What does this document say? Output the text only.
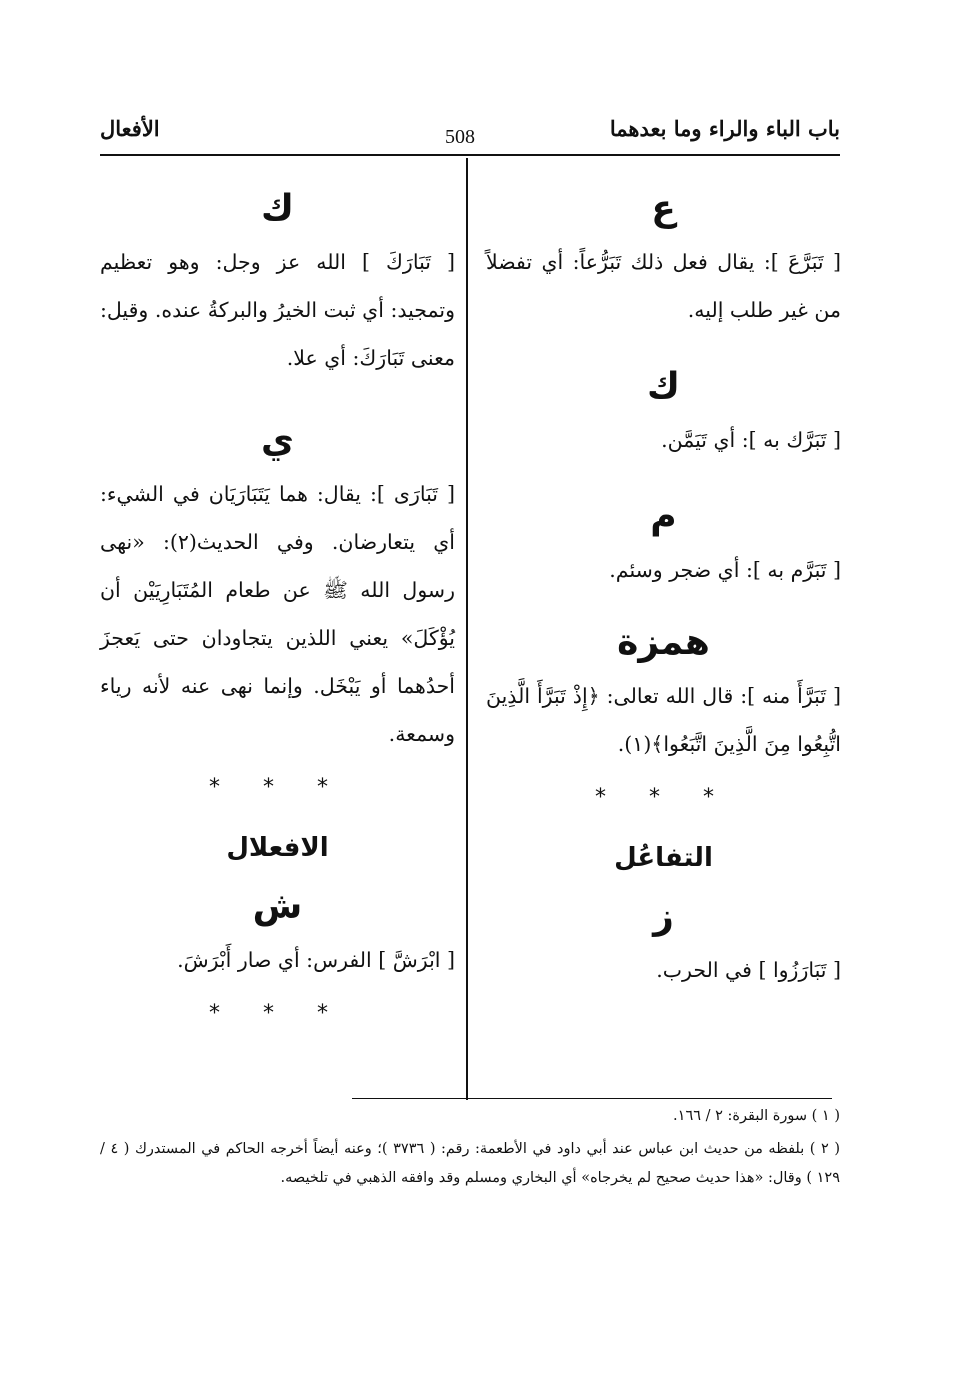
باب الباء والراء وما بعدهما
508
الأفعال
ع

[ تَبَرَّعَ ]: يقال فعل ذلك تَبَرُّعاً: أي تفضلاً من غير طلب إليه.

ك

[ تَبَرَّك به ]: أي تَيَمَّن.

م

[ تَبَرَّم به ]: أي ضجر وسئم.

همزة

[ تَبَرَّأَ منه ]: قال الله تعالى: ﴿إِذْ تَبَرَّأَ الَّذِينَ اتُّبِعُوا مِنَ الَّذِينَ اتَّبَعُوا﴾(١).

* * *
التفاعُل
ز

[ تَبَارَزُوا ] في الحرب.

ك

[ تَبَارَكَ ] الله عز وجل: وهو تعظيم وتمجيد: أي ثبت الخيرُ والبركةُ عنده. وقيل: معنى تَبَارَكَ: أي علا.

ي

[ تَبَارَى ]: يقال: هما يَتَبَارَيَان في الشيء: أي يتعارضان. وفي الحديث(٢): «نهى رسول الله ﷺ عن طعام المُتَبَارِيَيْن أن يُؤْكَلَ» يعني اللذين يتجاودان حتى يَعجزَ أحدُهما أو يَبْخَل. وإنما نهى عنه لأنه رياء وسمعة.

* * *
الافعلال
ش

[ ابْرَشَّ ] الفرس: أي صار أَبْرَشَ.

* * *

( ١ ) سورة البقرة: ٢ / ١٦٦.

( ٢ ) بلفظه من حديث ابن عباس عند أبي داود في الأطعمة: رقم: ( ٣٧٣٦ )؛ وعنه أيضاً أخرجه الحاكم في المستدرك ( ٤ / ١٢٩ ) وقال: «هذا حديث صحيح لم يخرجاه» أي البخاري ومسلم وقد وافقه الذهبي في تلخيصه.
